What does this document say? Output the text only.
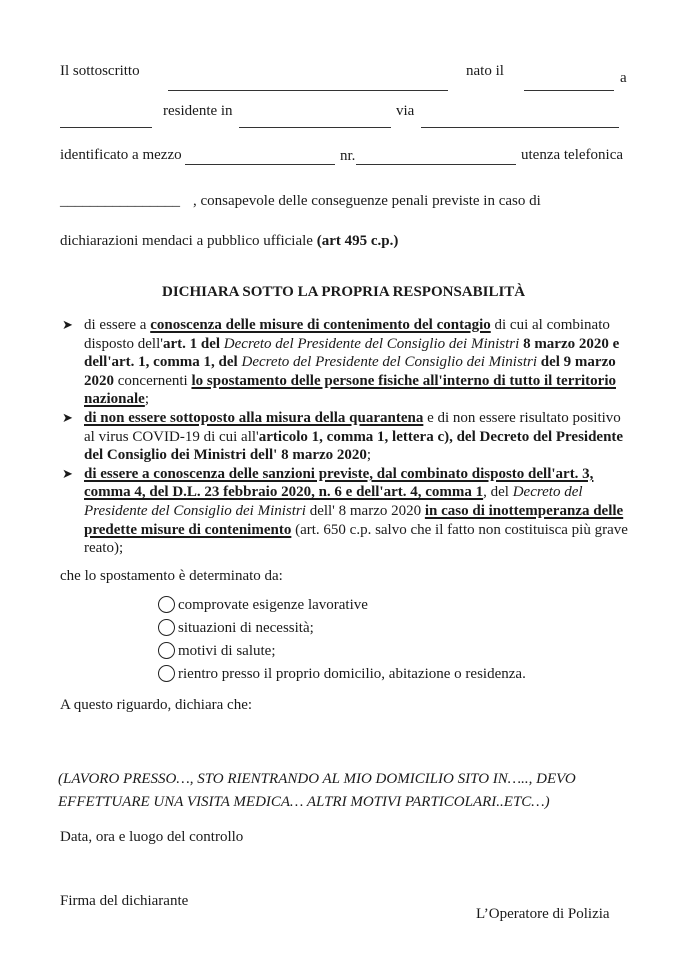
Il sottoscritto	nato il	a
residente in	via
identificato a mezzo	nr.	utenza telefonica
________________ , consapevole delle conseguenze penali previste in caso di
dichiarazioni mendaci a pubblico ufficiale (art 495 c.p.)
DICHIARA SOTTO LA PROPRIA RESPONSABILITÀ
➤ di essere a conoscenza delle misure di contenimento del contagio di cui al combinato disposto dell'art. 1 del Decreto del Presidente del Consiglio dei Ministri 8 marzo 2020 e dell'art. 1, comma 1, del Decreto del Presidente del Consiglio dei Ministri del 9 marzo 2020 concernenti lo spostamento delle persone fisiche all'interno di tutto il territorio nazionale;
➤ di non essere sottoposto alla misura della quarantena e di non essere risultato positivo al virus COVID-19 di cui all'articolo 1, comma 1, lettera c), del Decreto del Presidente del Consiglio dei Ministri dell' 8 marzo 2020;
➤ di essere a conoscenza delle sanzioni previste, dal combinato disposto dell'art. 3, comma 4, del D.L. 23 febbraio 2020, n. 6 e dell'art. 4, comma 1, del Decreto del Presidente del Consiglio dei Ministri dell' 8 marzo 2020 in caso di inottemperanza delle predette misure di contenimento (art. 650 c.p. salvo che il fatto non costituisca più grave reato);
che lo spostamento è determinato da:
comprovate esigenze lavorative
situazioni di necessità;
motivi di salute;
rientro presso il proprio domicilio, abitazione o residenza.
A questo riguardo, dichiara che:
(LAVORO PRESSO…, STO RIENTRANDO AL MIO DOMICILIO SITO IN….., DEVO
EFFETTUARE UNA VISITA MEDICA… ALTRI MOTIVI PARTICOLARI..ETC…)
Data, ora e luogo del controllo
Firma del dichiarante
L’Operatore di Polizia
